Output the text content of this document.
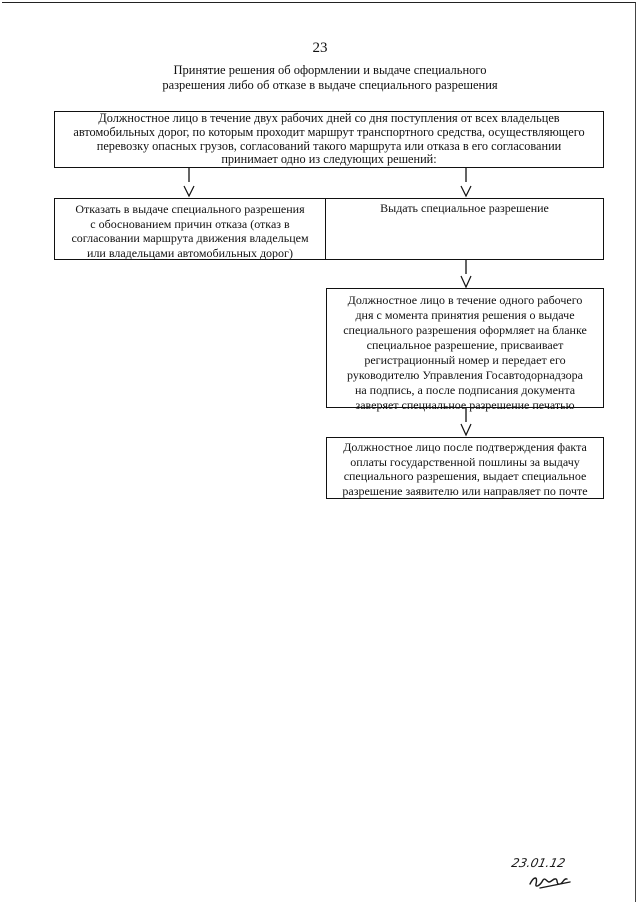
23
Принятие решения об оформлении и выдаче специального
разрешения либо об отказе в выдаче специального разрешения
Должностное лицо в течение двух рабочих дней со дня поступления от всех владельцев
автомобильных дорог, по которым проходит маршрут транспортного средства, осуществляющего
перевозку опасных грузов, согласований такого маршрута или отказа в его согласовании
принимает одно из следующих решений:
Отказать в выдаче специального разрешения
с обоснованием причин отказа (отказ в
согласовании маршрута движения владельцем
или владельцами автомобильных дорог)
Выдать специальное разрешение
Должностное лицо в течение одного рабочего
дня с момента принятия решения о выдаче
специального разрешения оформляет на бланке
специальное разрешение, присваивает
регистрационный номер и передает его
руководителю Управления Госавтодорнадзора
на подпись, а после подписания документа
заверяет специальное разрешение печатью
Должностное лицо после подтверждения факта
оплаты государственной пошлины за выдачу
специального разрешения, выдает специальное
разрешение заявителю или направляет по почте
23.01.12
